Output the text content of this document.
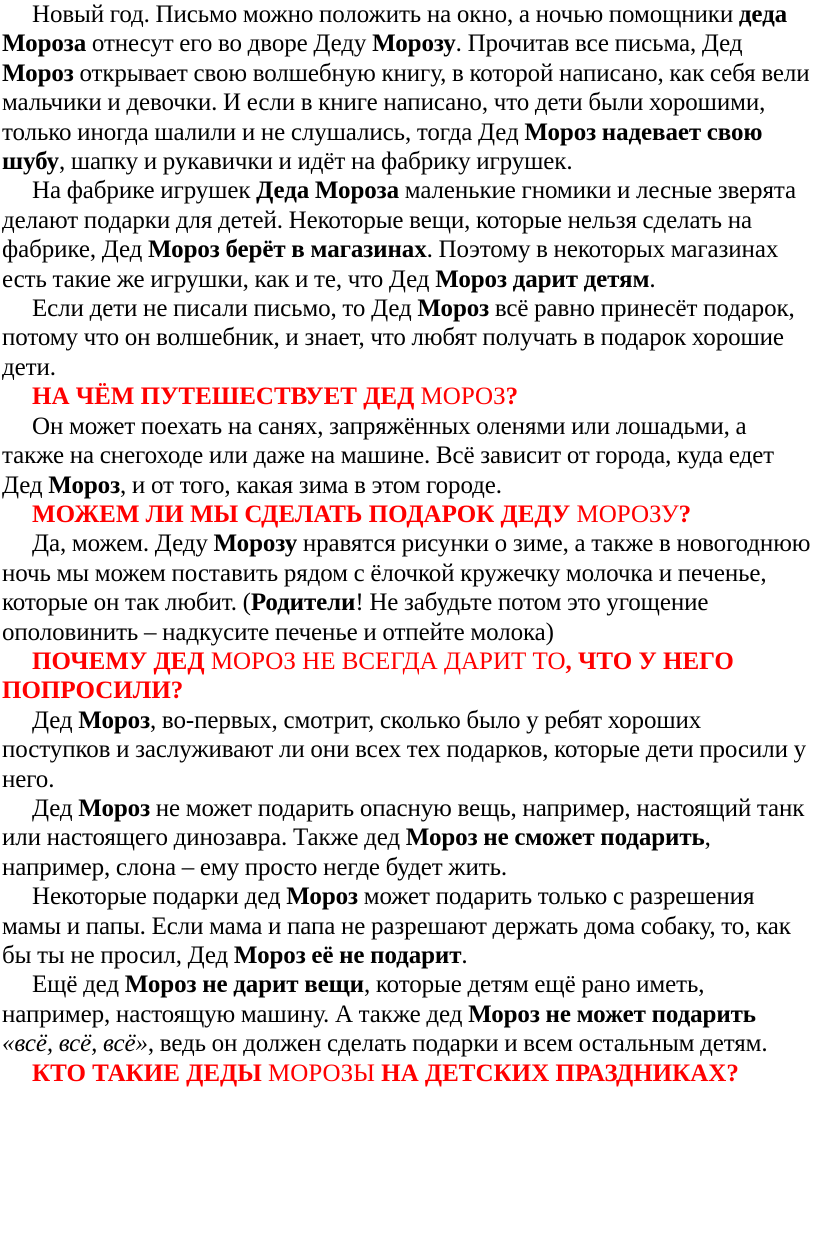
Новый год. Письмо можно положить на окно, а ночью помощники деда Мороза отнесут его во дворе Деду Морозу. Прочитав все письма, Дед Мороз открывает свою волшебную книгу, в которой написано, как себя вели мальчики и девочки. И если в книге написано, что дети были хорошими, только иногда шалили и не слушались, тогда Дед Мороз надевает свою шубу, шапку и рукавички и идёт на фабрику игрушек.

На фабрике игрушек Деда Мороза маленькие гномики и лесные зверята делают подарки для детей. Некоторые вещи, которые нельзя сделать на фабрике, Дед Мороз берёт в магазинах. Поэтому в некоторых магазинах есть такие же игрушки, как и те, что Дед Мороз дарит детям.

Если дети не писали письмо, то Дед Мороз всё равно принесёт подарок, потому что он волшебник, и знает, что любят получать в подарок хорошие дети.

НА ЧЁМ ПУТЕШЕСТВУЕТ ДЕД МОРОЗ?

Он может поехать на санях, запряжённых оленями или лошадьми, а также на снегоходе или даже на машине. Всё зависит от города, куда едет Дед Мороз, и от того, какая зима в этом городе.

МОЖЕМ ЛИ МЫ СДЕЛАТЬ ПОДАРОК ДЕДУ МОРОЗУ?

Да, можем. Деду Морозу нравятся рисунки о зиме, а также в новогоднюю ночь мы можем поставить рядом с ёлочкой кружечку молочка и печенье, которые он так любит. (Родители! Не забудьте потом это угощение ополовинить – надкусите печенье и отпейте молока)

ПОЧЕМУ ДЕД МОРОЗ НЕ ВСЕГДА ДАРИТ ТО, ЧТО У НЕГО ПОПРОСИЛИ?

Дед Мороз, во-первых, смотрит, сколько было у ребят хороших поступков и заслуживают ли они всех тех подарков, которые дети просили у него.

Дед Мороз не может подарить опасную вещь, например, настоящий танк или настоящего динозавра. Также дед Мороз не сможет подарить, например, слона – ему просто негде будет жить.

Некоторые подарки дед Мороз может подарить только с разрешения мамы и папы. Если мама и папа не разрешают держать дома собаку, то, как бы ты не просил, Дед Мороз её не подарит.

Ещё дед Мороз не дарит вещи, которые детям ещё рано иметь, например, настоящую машину. А также дед Мороз не может подарить «всё, всё, всё», ведь он должен сделать подарки и всем остальным детям.

КТО ТАКИЕ ДЕДЫ МОРОЗЫ НА ДЕТСКИХ ПРАЗДНИКАХ?
